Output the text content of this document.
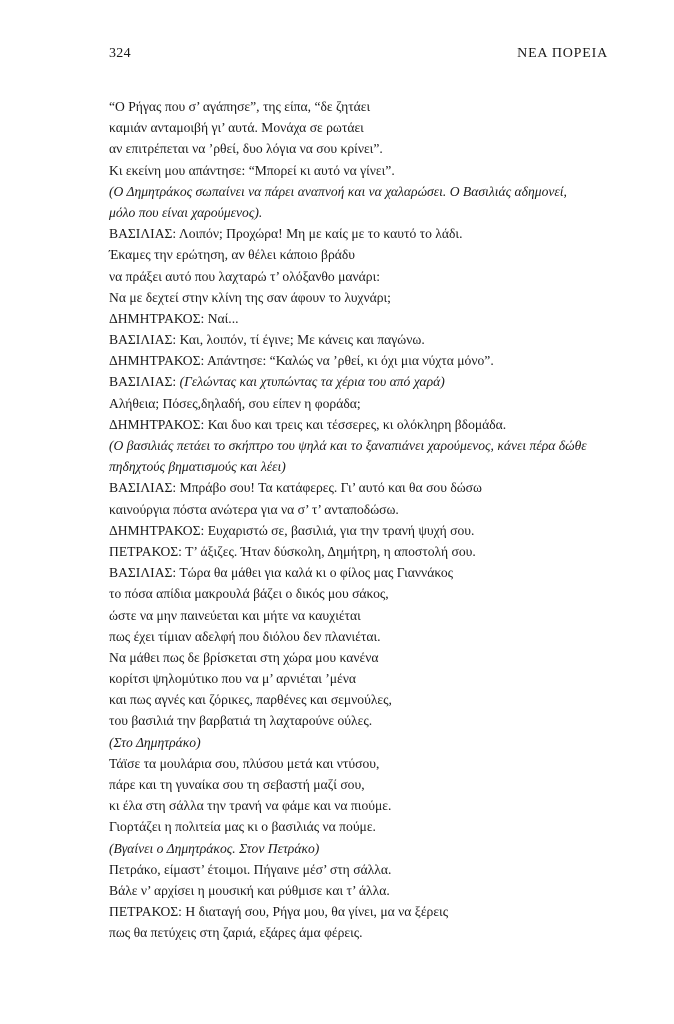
324	ΝΕΑ ΠΟΡΕΙΑ
“Ο Ρήγας που σ’ αγάπησε”, της είπα, “δε ζητάει
καμιάν ανταμοιβή γι’ αυτά. Μονάχα σε ρωτάει
αν επιτρέπεται να ’ρθεί, δυο λόγια να σου κρίνει”.
Κι εκείνη μου απάντησε: “Μπορεί κι αυτό να γίνει”.
(Ο Δημητράκος σωπαίνει να πάρει αναπνοή και να χαλαρώσει. Ο Βασιλιάς αδημονεί,
μόλο που είναι χαρούμενος).
ΒΑΣΙΛΙΑΣ: Λοιπόν; Προχώρα! Μη με καίς με το καυτό το λάδι.
Έκαμες την ερώτηση, αν θέλει κάποιο βράδυ
να πράξει αυτό που λαχταρώ τ’ ολόξανθο μανάρι:
Να με δεχτεί στην κλίνη της σαν άφουν το λυχνάρι;
ΔΗΜΗΤΡΑΚΟΣ: Ναί...
ΒΑΣΙΛΙΑΣ: Και, λοιπόν, τί έγινε; Με κάνεις και παγώνω.
ΔΗΜΗΤΡΑΚΟΣ: Απάντησε: “Καλώς να ’ρθεί, κι όχι μια νύχτα μόνο”.
ΒΑΣΙΛΙΑΣ: (Γελώντας και χτυπώντας τα χέρια του από χαρά)
Αλήθεια; Πόσες,δηλαδή, σου είπεν η φοράδα;
ΔΗΜΗΤΡΑΚΟΣ: Και δυο και τρεις και τέσσερες, κι ολόκληρη βδομάδα.
(Ο βασιλιάς πετάει το σκήπτρο του ψηλά και το ξαναπιάνει χαρούμενος, κάνει πέρα δώθε
πηδηχτούς βηματισμούς και λέει)
ΒΑΣΙΛΙΑΣ: Μπράβο σου! Τα κατάφερες. Γι’ αυτό και θα σου δώσω
καινούργια πόστα ανώτερα για να σ’ τ’ ανταποδώσω.
ΔΗΜΗΤΡΑΚΟΣ: Ευχαριστώ σε, βασιλιά, για την τρανή ψυχή σου.
ΠΕΤΡΑΚΟΣ: Τ’ άξιζες. Ήταν δύσκολη, Δημήτρη, η αποστολή σου.
ΒΑΣΙΛΙΑΣ: Τώρα θα μάθει για καλά κι ο φίλος μας Γιαννάκος
το πόσα απίδια μακρουλά βάζει ο δικός μου σάκος,
ώστε να μην παινεύεται και μήτε να καυχιέται
πως έχει τίμιαν αδελφή που διόλου δεν πλανιέται.
Να μάθει πως δε βρίσκεται στη χώρα μου κανένα
κορίτσι ψηλομύτικο που να μ’ αρνιέται ’μένα
και πως αγνές και ζόρικες, παρθένες και σεμνούλες,
του βασιλιά την βαρβατιά τη λαχταρούνε ούλες.
(Στο Δημητράκο)
Τάϊσε τα μουλάρια σου, πλύσου μετά και ντύσου,
πάρε και τη γυναίκα σου τη σεβαστή μαζί σου,
κι έλα στη σάλλα την τρανή να φάμε και να πιούμε.
Γιορτάζει η πολιτεία μας κι ο βασιλιάς να πούμε.
(Βγαίνει ο Δημητράκος. Στον Πετράκο)
Πετράκο, είμαστ’ έτοιμοι. Πήγαινε μέσ’ στη σάλλα.
Βάλε ν’ αρχίσει η μουσική και ρύθμισε και τ’ άλλα.
ΠΕΤΡΑΚΟΣ: Η διαταγή σου, Ρήγα μου, θα γίνει, μα να ξέρεις
πως θα πετύχεις στη ζαριά, εξάρες άμα φέρεις.
